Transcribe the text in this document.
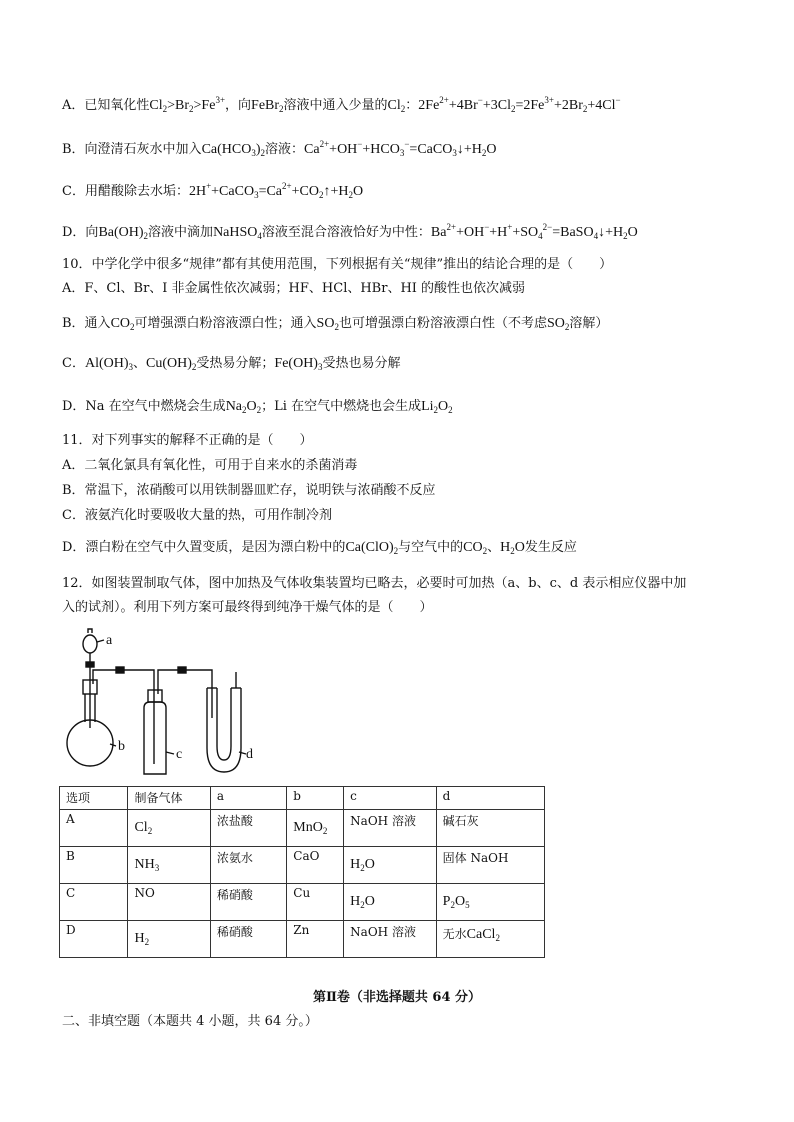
A．已知氧化性$Cl_2>Br_2>Fe^{3+}$，向FeBr$_2$溶液中通入少量的$Cl_2$：$2Fe^{2+}+4Br^-+3Cl_2=2Fe^{3+}+2Br_2+4Cl^-$
B．向澄清石灰水中加入$Ca(HCO_3)_2$溶液：$Ca^{2+}+OH^-+HCO_3^-=CaCO_3↓+H_2O$
C．用醋酸除去水垢：$2H^++CaCO_3=Ca^{2+}+CO_2↑+H_2O$
D．向$Ba(OH)_2$溶液中滴加NaHSO$_4$溶液至混合溶液恰好为中性：$Ba^{2+}+OH^-+H^++SO_4^{2-}=BaSO_4↓+H_2O$
10．中学化学中很多“规律”都有其使用范围，下列根据有关“规律”推出的结论合理的是（　　）
A．F、Cl、Br、I 非金属性依次减弱；HF、HCl、HBr、HI 的酸性也依次减弱
B．通入$CO_2$可增强漂白粉溶液漂白性；通入$SO_2$也可增强漂白粉溶液漂白性（不考虑$SO_2$溶解）
C．$Al(OH)_3$、$Cu(OH)_2$受热易分解；$Fe(OH)_3$受热也易分解
D．Na 在空气中燃烧会生成$Na_2O_2$；Li 在空气中燃烧也会生成$Li_2O_2$
11．对下列事实的解释不正确的是（　　）
A．二氧化氯具有氧化性，可用于自来水的杀菌消毒
B．常温下，浓硝酸可以用铁制器皿贮存，说明铁与浓硝酸不反应
C．液氨汽化时要吸收大量的热，可用作制冷剂
D．漂白粉在空气中久置变质，是因为漂白粉中的$Ca(ClO)_2$与空气中的$CO_2$、$H_2O$发生反应
12．如图装置制取气体，图中加热及气体收集装置均已略去，必要时可加热（a、b、c、d 表示相应仪器中加
入的试剂）。利用下列方案可最终得到纯净干燥气体的是（　　）
a
b
c	d
选项	制备气体	a	b	c	d
A	$Cl_2$	浓盐酸	MnO$_2$	NaOH 溶液	碱石灰
B	$NH_3$	浓氨水	CaO	$H_2O$	固体 NaOH
C	NO	稀硝酸	Cu	$H_2O$	$P_2O_5$
D	$H_2$	稀硝酸	Zn	NaOH 溶液	无水CaCl$_2$
第Ⅱ卷（非选择题共 64 分）
二、非填空题（本题共 4 小题，共 64 分。）
